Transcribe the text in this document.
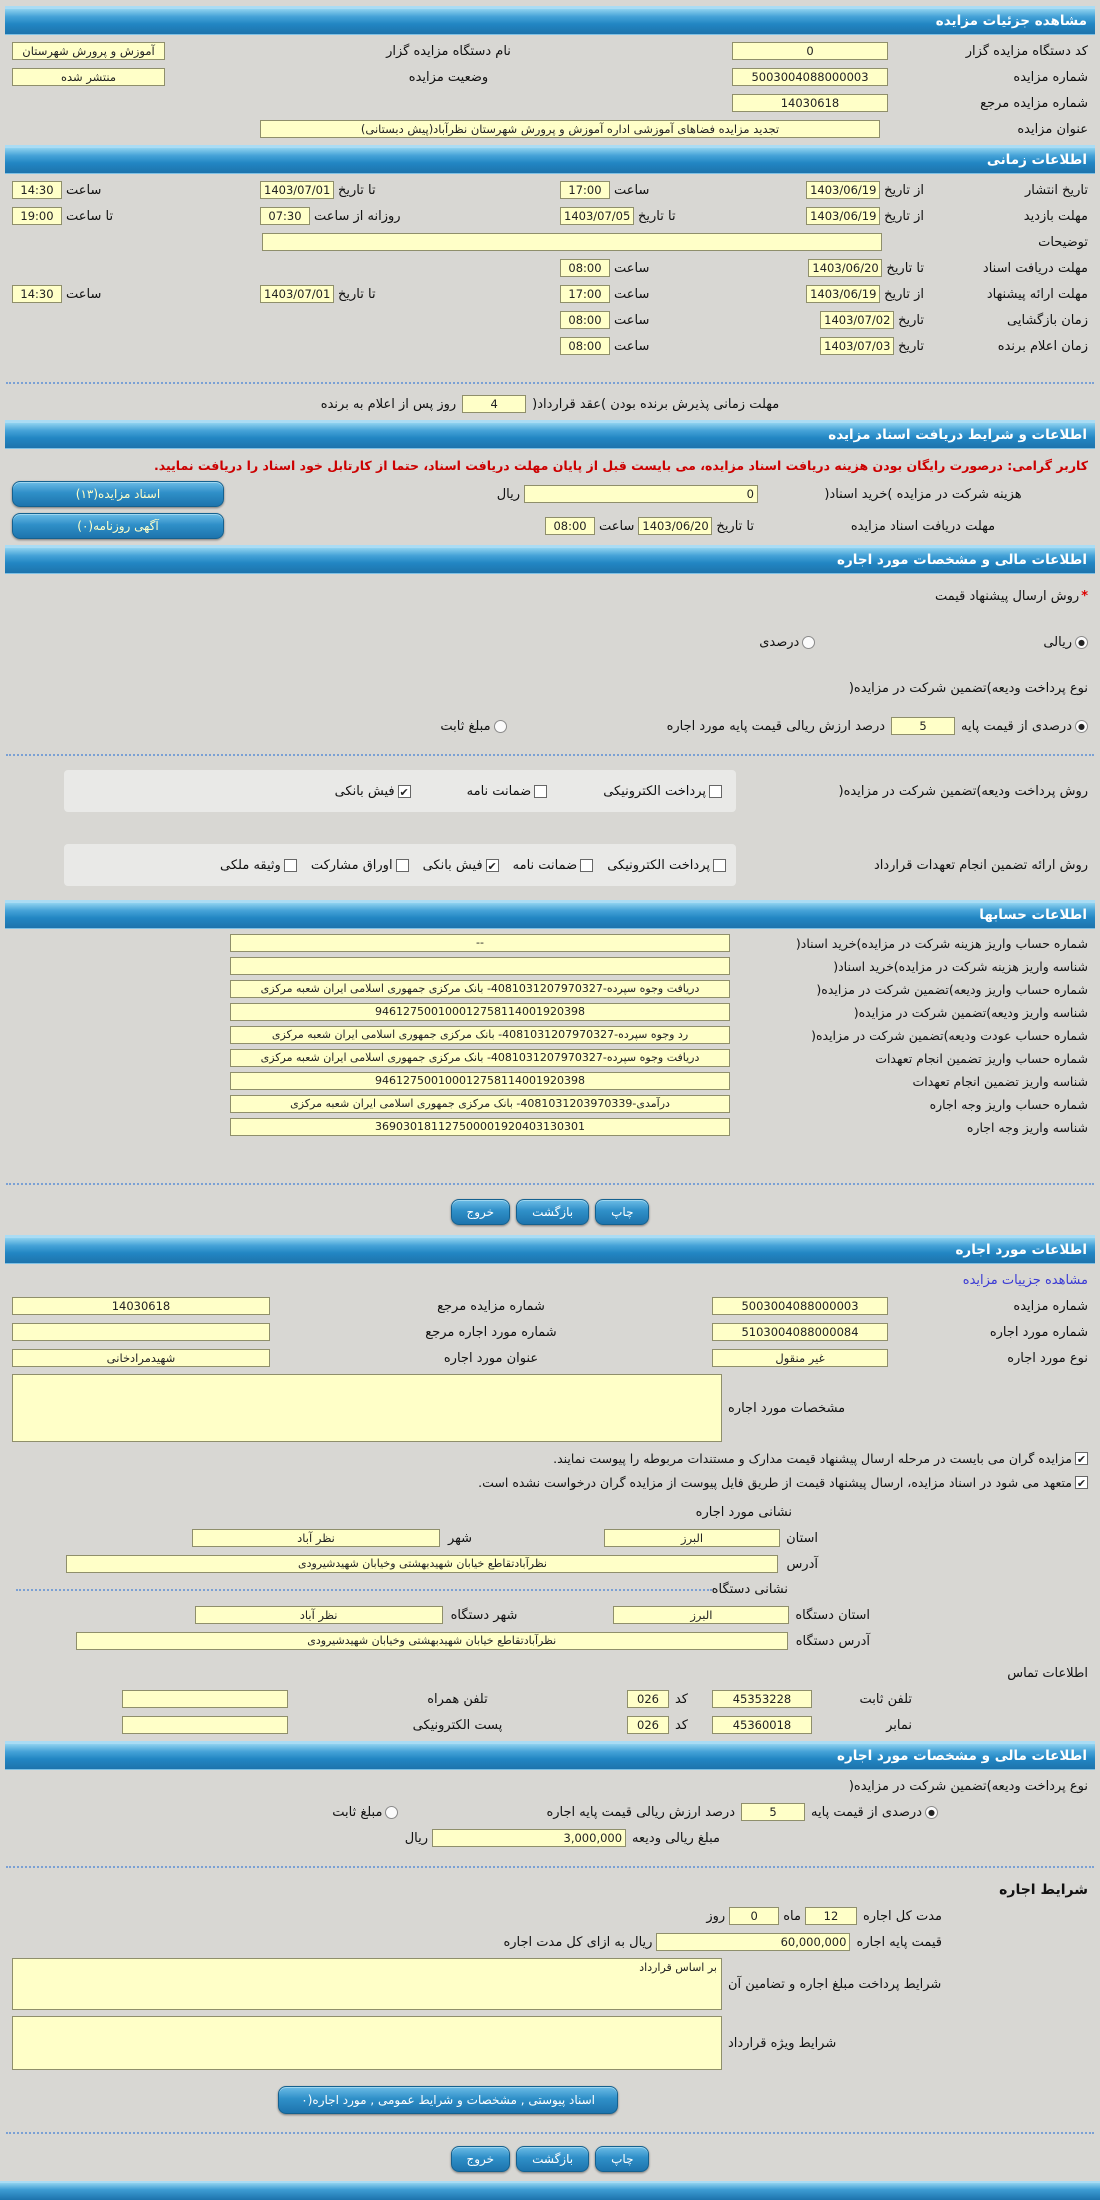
مشاهده جزئیات مزایده
کد دستگاه مزایده گزار
0
نام دستگاه مزایده گزار
آموزش و پرورش شهرستان
شماره مزایده
5003004088000003
وضعیت مزایده
منتشر شده
شماره مزایده مرجع
14030618
عنوان مزایده
تجدید مزایده فضاهای آموزشی اداره آموزش و پرورش شهرستان نظرآباد(پیش دبستانی)
اطلاعات زمانی
تاریخ انتشار
از تاریخ
1403/06/19
ساعت
17:00
تا تاریخ
1403/07/01
ساعت
14:30
مهلت بازدید
از تاریخ
1403/06/19
تا تاریخ
1403/07/05
روزانه از ساعت
07:30
تا ساعت
19:00
توضیحات
مهلت دریافت اسناد
تا تاریخ
1403/06/20
ساعت
08:00
مهلت ارائه پیشنهاد
از تاریخ
1403/06/19
ساعت
17:00
تا تاریخ
1403/07/01
ساعت
14:30
زمان بازگشایی
تاریخ
1403/07/02
ساعت
08:00
زمان اعلام برنده
تاریخ
1403/07/03
ساعت
08:00
مهلت زمانی پذیرش برنده بودن )عقد قرارداد(
4
روز پس از اعلام به برنده
اطلاعات و شرایط دریافت اسناد مزایده
کاربر گرامی: درصورت رایگان بودن هزینه دریافت اسناد مزایده، می بایست قبل از پایان مهلت دریافت اسناد، حتما از کارتابل خود اسناد را دریافت نمایید.
هزینه شرکت در مزایده )خرید اسناد(
0
ریال
اسناد مزایده(۱۳)
مهلت دریافت اسناد مزایده
تا تاریخ
1403/06/20
ساعت
08:00
آگهی روزنامه(۰)
اطلاعات مالی و مشخصات مورد اجاره
*
روش ارسال پیشنهاد قیمت
●
ریالی
درصدی
نوع پرداخت ودیعه)تضمین شرکت در مزایده(
●
درصدی از قیمت پایه
5
درصد ارزش ریالی قیمت پایه مورد اجاره
مبلغ ثابت
روش پرداخت ودیعه)تضمین شرکت در مزایده(
پرداخت الکترونیکی
ضمانت نامه
✔
فیش بانکی
روش ارائه تضمین انجام تعهدات قرارداد
پرداخت الکترونیکی
ضمانت نامه
✔
فیش بانکی
اوراق مشارکت
وثیقه ملکی
اطلاعات حسابها
شماره حساب واریز هزینه شرکت در مزایده)خرید اسناد(
--
شناسه واریز هزینه شرکت در مزایده)خرید اسناد(
شماره حساب واریز ودیعه)تضمین شرکت در مزایده(
دریافت وجوه سپرده-4081031207970327- بانک مرکزی جمهوری اسلامی ایران شعبه مرکزی
شناسه واریز ودیعه)تضمین شرکت در مزایده(
946127500100012758114001920398
شماره حساب عودت ودیعه)تضمین شرکت در مزایده(
رد وجوه سپرده-4081031207970327- بانک مرکزی جمهوری اسلامی ایران شعبه مرکزی
شماره حساب واریز تضمین انجام تعهدات
دریافت وجوه سپرده-4081031207970327- بانک مرکزی جمهوری اسلامی ایران شعبه مرکزی
شناسه واریز تضمین انجام تعهدات
946127500100012758114001920398
شماره حساب واریز وجه اجاره
درآمدی-4081031203970339- بانک مرکزی جمهوری اسلامی ایران شعبه مرکزی
شناسه واریز وجه اجاره
369030181127500001920403130301
چاپ
بازگشت
خروج
اطلاعات مورد اجاره
مشاهده جزییات مزایده
شماره مزایده
5003004088000003
شماره مزایده مرجع
14030618
شماره مورد اجاره
5103004088000084
شماره مورد اجاره مرجع
نوع مورد اجاره
غیر منقول
عنوان مورد اجاره
شهیدمرادخانی
مشخصات مورد اجاره
✔
مزایده گران می بایست در مرحله ارسال پیشنهاد قیمت مدارک و مستندات مربوطه را پیوست نمایند.
✔
متعهد می شود در اسناد مزایده، ارسال پیشنهاد قیمت از طریق فایل پیوست از مزایده گران درخواست نشده است.
نشانی مورد اجاره
استان
البرز
شهر
نظر آباد
آدرس
نظرآبادتقاطع خیابان شهیدبهشتی وخیابان شهیدشیرودی
نشانی دستگاه
استان دستگاه
البرز
شهر دستگاه
نظر آباد
آدرس دستگاه
نظرآبادتقاطع خیابان شهیدبهشتی وخیابان شهیدشیرودی
اطلاعات تماس
تلفن ثابت
45353228
کد
026
تلفن همراه
نمابر
45360018
کد
026
پست الکترونیکی
اطلاعات مالی و مشخصات مورد اجاره
نوع پرداخت ودیعه)تضمین شرکت در مزایده(
●
درصدی از قیمت پایه
5
درصد ارزش ریالی قیمت پایه اجاره
مبلغ ثابت
مبلغ ریالی ودیعه
3,000,000
ریال
شرایط اجاره
مدت کل اجاره
12
ماه
0
روز
قیمت پایه اجاره
60,000,000
ریال به ازای کل مدت اجاره
شرایط پرداخت مبلغ اجاره و تضامین آن
بر اساس قرارداد
شرایط ویژه قرارداد
اسناد پیوستی , مشخصات و شرایط عمومی , مورد اجاره(۰
چاپ
بازگشت
خروج
